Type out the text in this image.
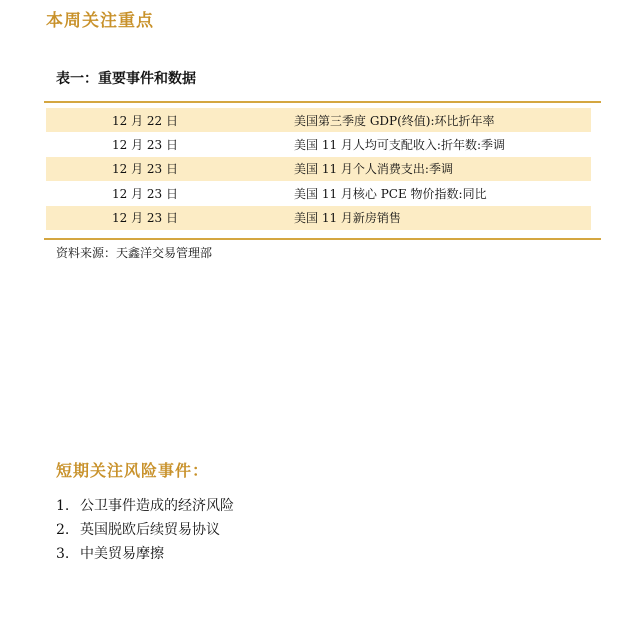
本周关注重点
表一：重要事件和数据
12 月 22 日	美国第三季度 GDP(终值):环比折年率
12 月 23 日	美国 11 月人均可支配收入:折年数:季调
12 月 23 日	美国 11 月个人消费支出:季调
12 月 23 日	美国 11 月核心 PCE 物价指数:同比
12 月 23 日	美国 11 月新房销售
资料来源：天鑫洋交易管理部
短期关注风险事件：
1. 公卫事件造成的经济风险
2. 英国脱欧后续贸易协议
3. 中美贸易摩擦
